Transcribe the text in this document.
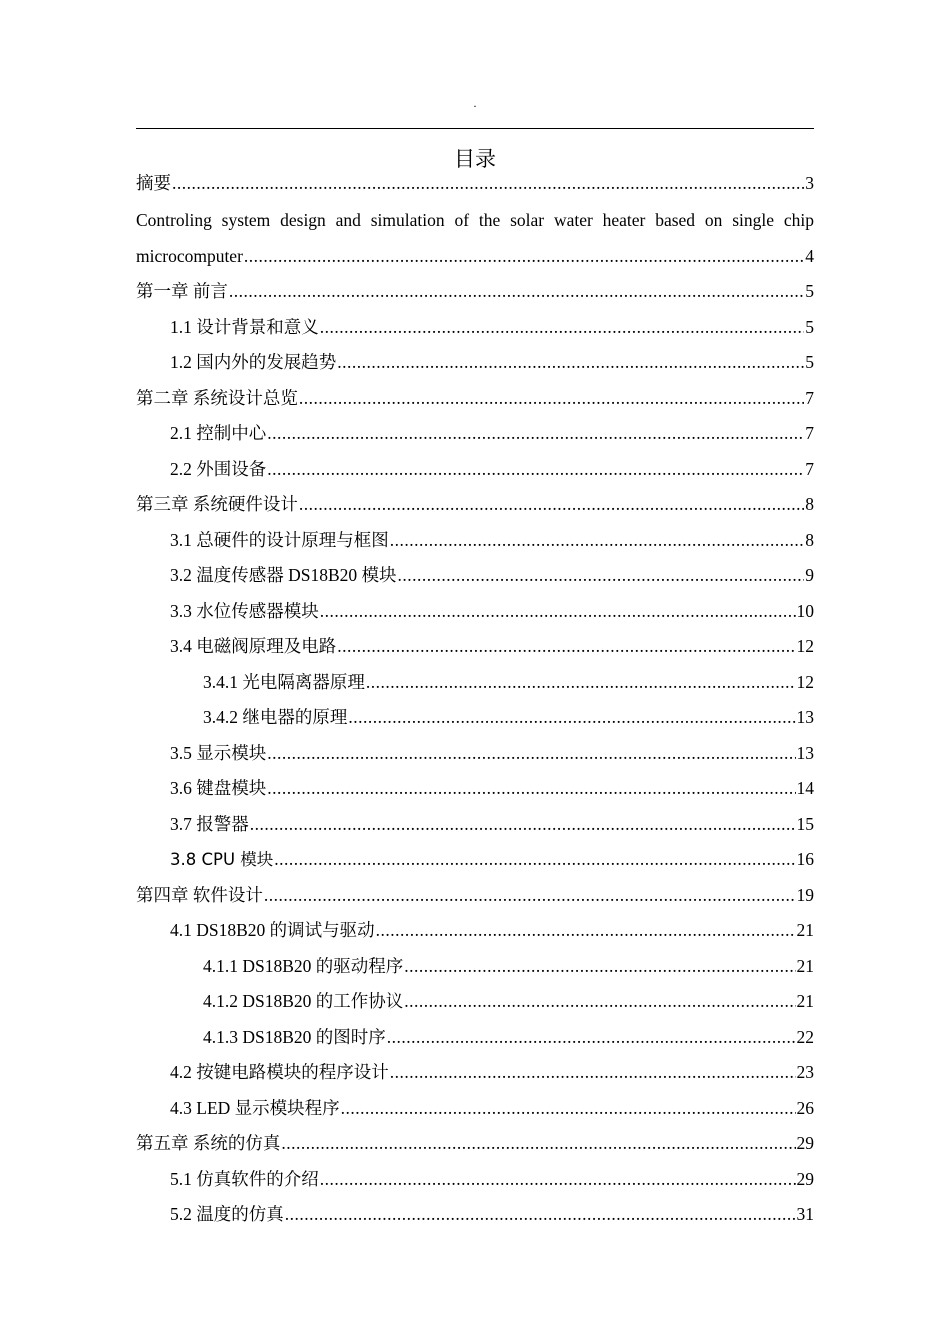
.
目录
摘要 .....	3
Controling system design and simulation of the solar water heater based on single chip
microcomputer .....	4
第一章 前言 .....	5
1.1 设计背景和意义 .....	5
1.2 国内外的发展趋势 .....	5
第二章 系统设计总览 .....	7
2.1 控制中心 .....	7
2.2 外围设备 .....	7
第三章 系统硬件设计 .....	8
3.1 总硬件的设计原理与框图 .....	8
3.2 温度传感器 DS18B20 模块 .....	9
3.3 水位传感器模块 .....	10
3.4 电磁阀原理及电路 .....	12
3.4.1 光电隔离器原理 .....	12
3.4.2 继电器的原理 .....	13
3.5 显示模块 .....	13
3.6 键盘模块 .....	14
3.7 报警器 .....	15
3.8 CPU 模块 .....	16
第四章 软件设计 .....	19
4.1 DS18B20 的调试与驱动 .....	21
4.1.1 DS18B20 的驱动程序 .....	21
4.1.2 DS18B20 的工作协议 .....	21
4.1.3 DS18B20 的图时序 .....	22
4.2 按键电路模块的程序设计 .....	23
4.3 LED 显示模块程序 .....	26
第五章 系统的仿真 .....	29
5.1 仿真软件的介绍 .....	29
5.2 温度的仿真 .....	31
